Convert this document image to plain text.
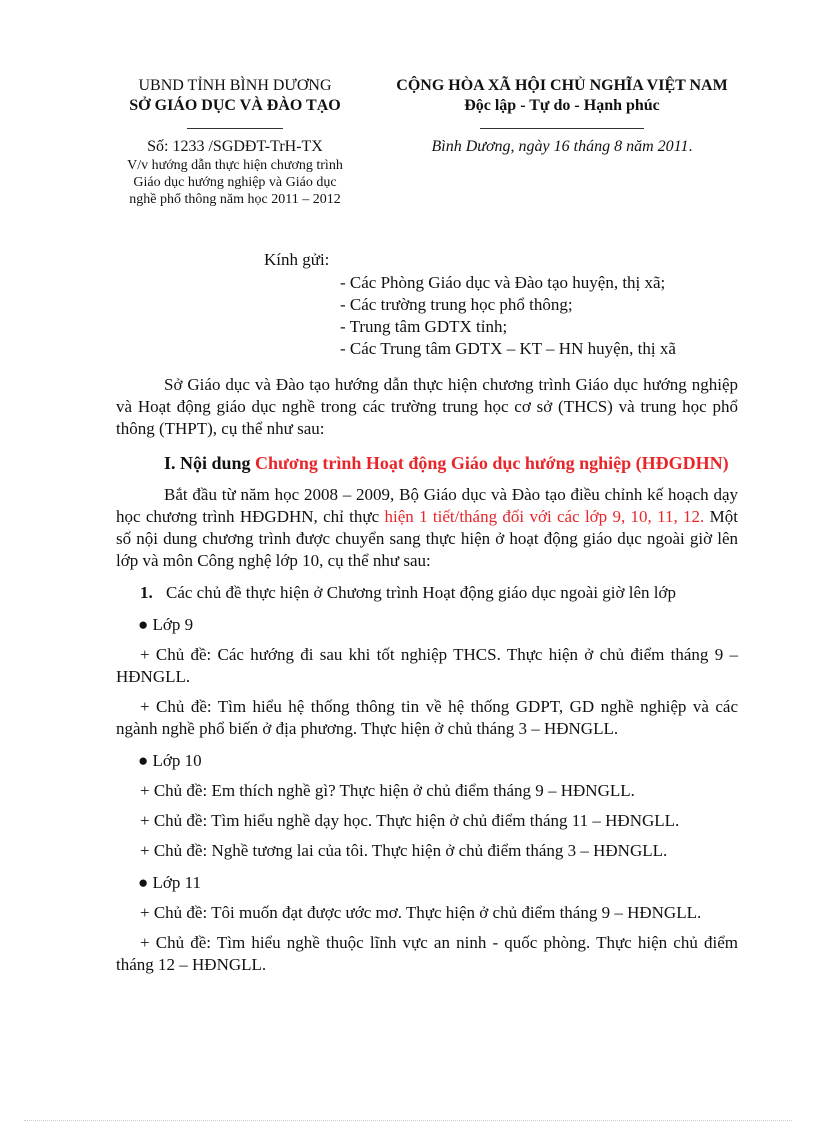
UBND TỈNH BÌNH DƯƠNG
SỞ GIÁO DỤC VÀ ĐÀO TẠO
Số: 1233 /SGDĐT-TrH-TX
V/v hướng dẫn thực hiện chương trình
Giáo dục hướng nghiệp và Giáo dục
nghề phổ thông năm học 2011 – 2012
CỘNG HÒA XÃ HỘI CHỦ NGHĨA VIỆT NAM
Độc lập - Tự do - Hạnh phúc
Bình Dương, ngày 16 tháng 8 năm 2011.
Kính gửi:
- Các Phòng Giáo dục và Đào tạo huyện, thị xã;
- Các trường trung học phổ thông;
- Trung tâm GDTX tỉnh;
- Các Trung tâm GDTX – KT – HN huyện, thị xã

Sở Giáo dục và Đào tạo hướng dẫn thực hiện chương trình Giáo dục hướng nghiệp và Hoạt động giáo dục nghề trong các trường trung học cơ sở (THCS) và trung học phổ thông (THPT), cụ thể như sau:

I. Nội dung Chương trình Hoạt động Giáo dục hướng nghiệp (HĐGDHN)

Bắt đầu từ năm học 2008 – 2009, Bộ Giáo dục và Đào tạo điều chỉnh kế hoạch dạy học chương trình HĐGDHN, chỉ thực hiện 1 tiết/tháng đối với các lớp 9, 10, 11, 12. Một số nội dung chương trình được chuyển sang thực hiện ở hoạt động giáo dục ngoài giờ lên lớp và môn Công nghệ lớp 10, cụ thể như sau:

1. Các chủ đề thực hiện ở Chương trình Hoạt động giáo dục ngoài giờ lên lớp
● Lớp 9

+ Chủ đề: Các hướng đi sau khi tốt nghiệp THCS. Thực hiện ở chủ điểm tháng 9 – HĐNGLL.

+ Chủ đề: Tìm hiểu hệ thống thông tin về hệ thống GDPT, GD nghề nghiệp và các ngành nghề phổ biến ở địa phương. Thực hiện ở chủ tháng 3 – HĐNGLL.

● Lớp 10

+ Chủ đề: Em thích nghề gì? Thực hiện ở chủ điểm tháng 9 – HĐNGLL.

+ Chủ đề: Tìm hiểu nghề dạy học. Thực hiện ở chủ điểm tháng 11 – HĐNGLL.

+ Chủ đề: Nghề tương lai của tôi. Thực hiện ở chủ điểm tháng 3 – HĐNGLL.

● Lớp 11

+ Chủ đề: Tôi muốn đạt được ước mơ. Thực hiện ở chủ điểm tháng 9 – HĐNGLL.

+ Chủ đề: Tìm hiểu nghề thuộc lĩnh vực an ninh - quốc phòng. Thực hiện chủ điểm tháng 12 – HĐNGLL.
